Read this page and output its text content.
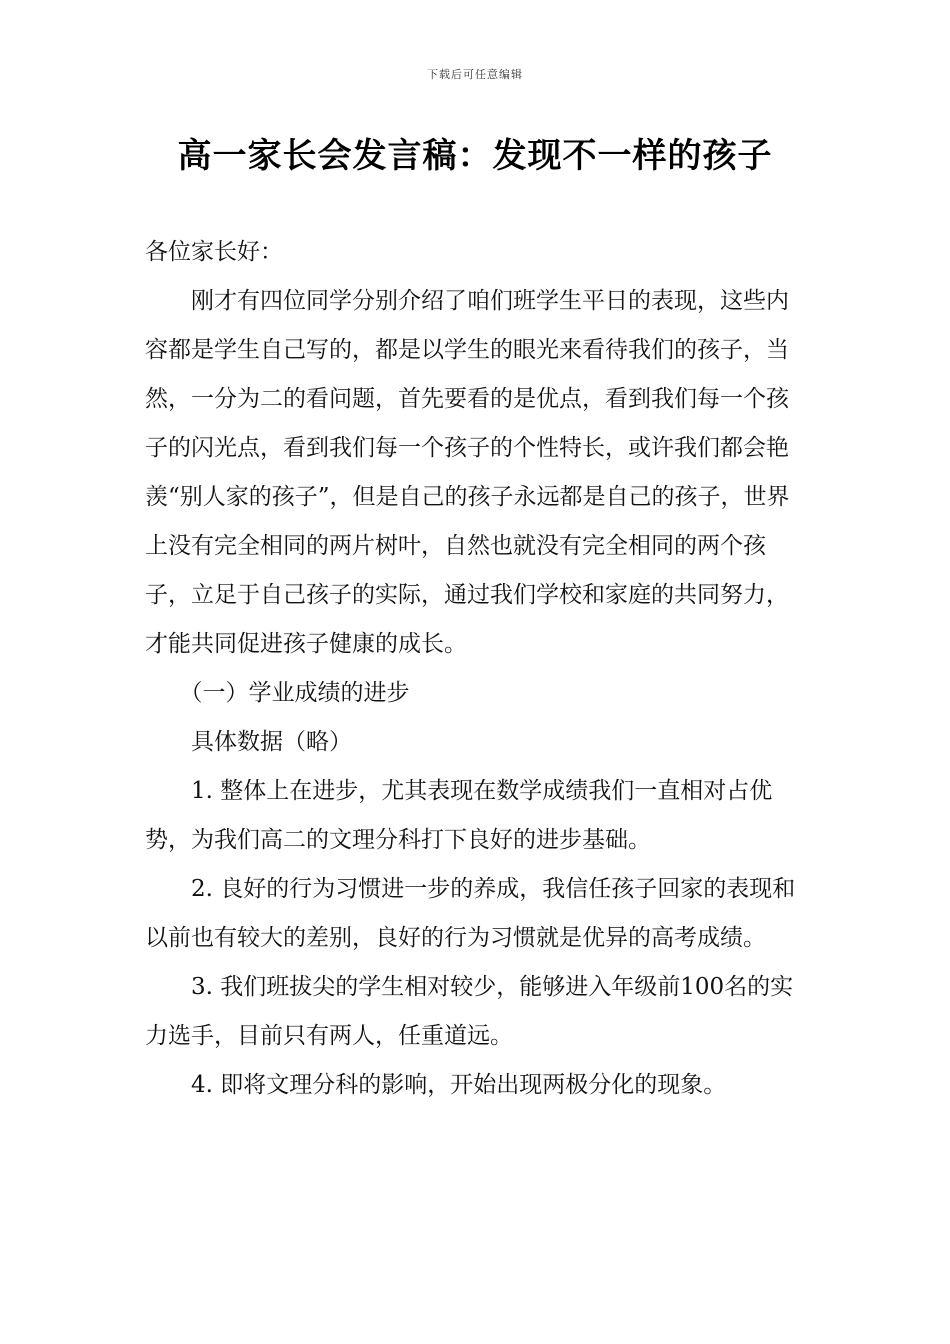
下载后可任意编辑
高一家长会发言稿：发现不一样的孩子

各位家长好：

刚才有四位同学分别介绍了咱们班学生平日的表现，这些内容都是学生自己写的，都是以学生的眼光来看待我们的孩子，当然，一分为二的看问题，首先要看的是优点，看到我们每一个孩子的闪光点，看到我们每一个孩子的个性特长，或许我们都会艳羡“别人家的孩子”，但是自己的孩子永远都是自己的孩子，世界上没有完全相同的两片树叶，自然也就没有完全相同的两个孩子，立足于自己孩子的实际，通过我们学校和家庭的共同努力，才能共同促进孩子健康的成长。

（一）学业成绩的进步

具体数据（略）

1. 整体上在进步，尤其表现在数学成绩我们一直相对占优势，为我们高二的文理分科打下良好的进步基础。

2. 良好的行为习惯进一步的养成，我信任孩子回家的表现和以前也有较大的差别，良好的行为习惯就是优异的高考成绩。

3. 我们班拔尖的学生相对较少，能够进入年级前100名的实力选手，目前只有两人，任重道远。

4. 即将文理分科的影响，开始出现两极分化的现象。
